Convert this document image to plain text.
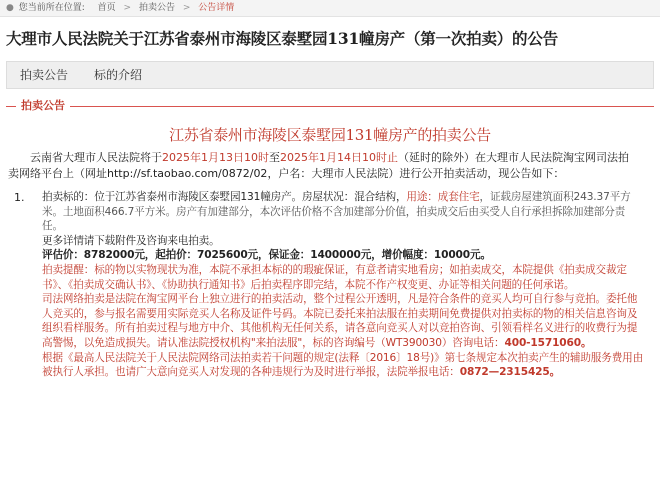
● 您当前所在位置: 首页 > 拍卖公告 > 公告详情
大理市人民法院关于江苏省泰州市海陵区泰墅园131幢房产（第一次拍卖）的公告
拍卖公告	标的介绍
拍卖公告
江苏省泰州市海陵区泰墅园131幢房产的拍卖公告
云南省大理市人民法院将于2025年1月13日10时至2025年1月14日10时止（延时的除外）在大理市人民法院淘宝网司法拍卖网络平台上（网址http://sf.taobao.com/0872/02，户名：大理市人民法院）进行公开拍卖活动，现公告如下：
1.	拍卖标的：位于江苏省泰州市海陵区泰墅园131幢房产。房屋状况：混合结构，用途：成套住宅，证载房屋建筑面积243.37平方米。土地面积466.7平方米。房产有加建部分，本次评估价格不含加建部分价值，拍卖成交后由买受人自行承担拆除加建部分责任。

更多详情请下载附件及咨询来电拍卖。

评估价：8782000元，起拍价：7025600元，保证金：1400000元，增价幅度：10000元。

拍卖提醒：标的物以实物现状为准，本院不承担本标的的瑕疵保证，有意者请实地看房；如拍卖成交，本院提供《拍卖成交裁定书》、《拍卖成交确认书》、《协助执行通知书》后拍卖程序即完结，本院不作产权变更、办证等相关问题的任何承诺。

司法网络拍卖是法院在淘宝网平台上独立进行的拍卖活动，整个过程公开透明，凡是符合条件的竞买人均可自行参与竞拍。委托他人竞买的，参与报名需要用实际竞买人名称及证件号码。本院已委托来拍法服在拍卖期间免费提供对拍卖标的物的相关信息咨询及组织看样服务。所有拍卖过程与地方中介、其他机构无任何关系，请各意向竞买人对以竞拍咨询、引领看样名义进行的收费行为提高警惕，以免造成损失。请认准法院授权机构"来拍法服"，标的咨询编号（WT390030）咨询电话：400-1571060。

根据《最高人民法院关于人民法院网络司法拍卖若干问题的规定(法释〔2016〕18号)》第七条规定本次拍卖产生的辅助服务费用由被执行人承担。也请广大意向竞买人对发现的各种违规行为及时进行举报，法院举报电话：0872—2315425。
